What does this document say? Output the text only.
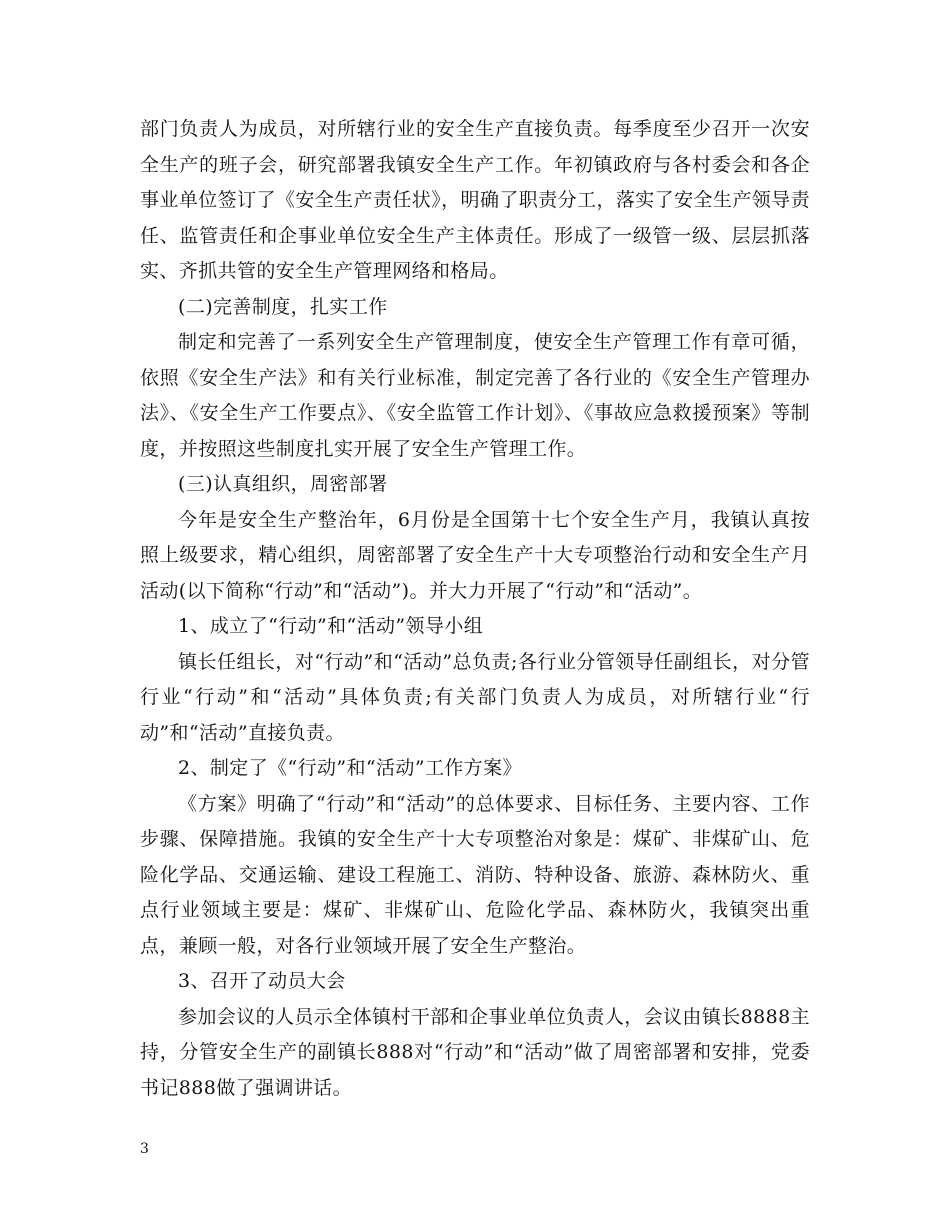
部门负责人为成员，对所辖行业的安全生产直接负责。每季度至少召开一次安全生产的班子会，研究部署我镇安全生产工作。年初镇政府与各村委会和各企事业单位签订了《安全生产责任状》，明确了职责分工，落实了安全生产领导责任、监管责任和企事业单位安全生产主体责任。形成了一级管一级、层层抓落实、齐抓共管的安全生产管理网络和格局。

(二)完善制度，扎实工作

制定和完善了一系列安全生产管理制度，使安全生产管理工作有章可循，依照《安全生产法》和有关行业标准，制定完善了各行业的《安全生产管理办法》、《安全生产工作要点》、《安全监管工作计划》、《事故应急救援预案》等制度，并按照这些制度扎实开展了安全生产管理工作。

(三)认真组织，周密部署

今年是安全生产整治年，6月份是全国第十七个安全生产月，我镇认真按照上级要求，精心组织，周密部署了安全生产十大专项整治行动和安全生产月活动(以下简称“行动”和“活动”)。并大力开展了“行动”和“活动”。

1、成立了“行动”和“活动”领导小组

镇长任组长，对“行动”和“活动”总负责;各行业分管领导任副组长，对分管行业“行动”和“活动”具体负责;有关部门负责人为成员，对所辖行业“行动”和“活动”直接负责。

2、制定了《“行动”和“活动”工作方案》

《方案》明确了“行动”和“活动”的总体要求、目标任务、主要内容、工作步骤、保障措施。我镇的安全生产十大专项整治对象是：煤矿、非煤矿山、危险化学品、交通运输、建设工程施工、消防、特种设备、旅游、森林防火、重点行业领域主要是：煤矿、非煤矿山、危险化学品、森林防火，我镇突出重点，兼顾一般，对各行业领域开展了安全生产整治。

3、召开了动员大会

参加会议的人员示全体镇村干部和企事业单位负责人，会议由镇长8888主持，分管安全生产的副镇长888对“行动”和“活动”做了周密部署和安排，党委书记888做了强调讲话。

3
